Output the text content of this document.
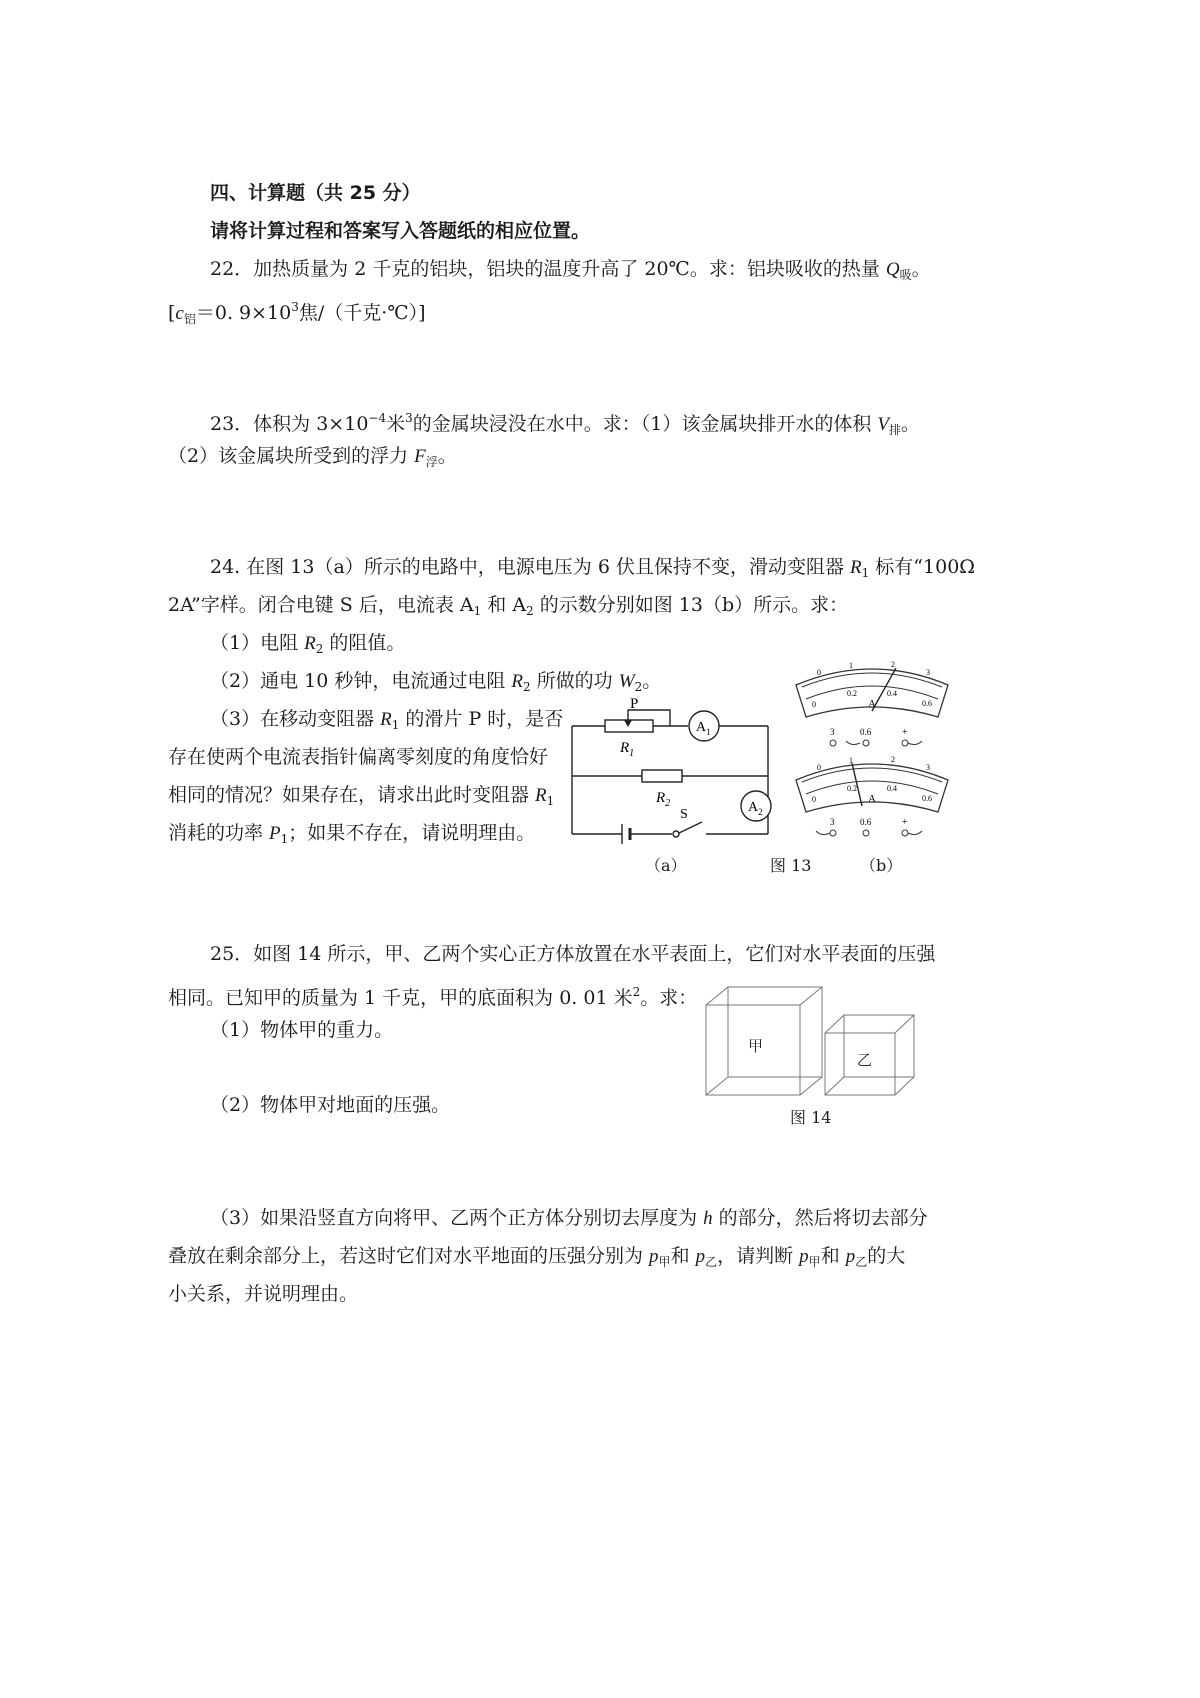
四、计算题（共 25 分）
请将计算过程和答案写入答题纸的相应位置。
22．加热质量为 2 千克的铝块，铝块的温度升高了 20℃。求：铝块吸收的热量 $Q_吸$。
[$c_铝=0$. $9\times 10^3$焦/（千克·℃）]
23．体积为 $3\times 10^{-4}$米$^3$的金属块浸没在水中。求：（1）该金属块排开水的体积 $V_排$。
（2）该金属块所受到的浮力 $F_浮$。
24. 在图 13（a）所示的电路中，电源电压为 6 伏且保持不变，滑动变阻器 $R_1$ 标有“100Ω
2A”字样。闭合电键 S 后，电流表 $A_1$ 和 $A_2$ 的示数分别如图 13（b）所示。求：
（1）电阻 $R_2$ 的阻值。
（2）通电 10 秒钟，电流通过电阻 $R_2$ 所做的功 $W_2$。
（3）在移动变阻器 $R_1$ 的滑片 P 时，是否
存在使两个电流表指针偏离零刻度的角度恰好
相同的情况？如果存在，请求出此时变阻器 $R_1$
消耗的功率 $P_1$；如果不存在，请说明理由。
P
$R_1$
$R_2$
$A_1$
$A_2$
S
0
1	2
3
0
0.2	0.4
0.6
A
3	0.6	+
0
1	2
3
0
0.2	0.4
0.6
A
3	0.6	+
（a）	图 13	（b）
25．如图 14 所示，甲、乙两个实心正方体放置在水平表面上，它们对水平表面的压强
相同。已知甲的质量为 1 千克，甲的底面积为 0. 01 米$^2$。求：
（1）物体甲的重力。
（2）物体甲对地面的压强。
甲
乙
图 14
（3）如果沿竖直方向将甲、乙两个正方体分别切去厚度为 h 的部分，然后将切去部分
叠放在剩余部分上，若这时它们对水平地面的压强分别为 $p_甲$和 $p_乙$，请判断 $p_甲$和 $p_乙$的大
小关系，并说明理由。
